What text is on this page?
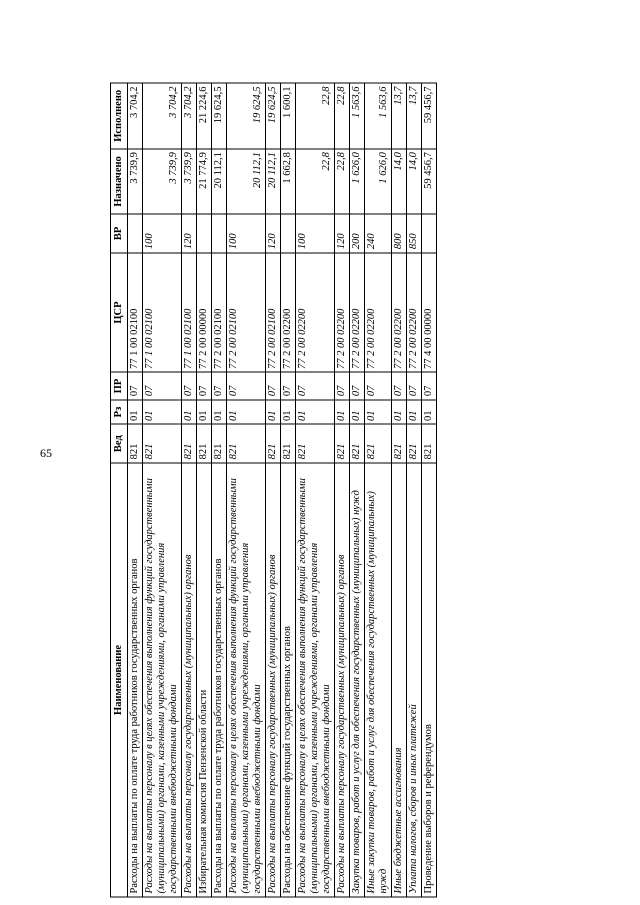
65
Наименование	Вед	Рз	ПР	ЦСР	ВР	Назначено	Исполнено
Расходы на выплаты по оплате труда работников государственных органов	821	01	07	77 1 00 02100		3 739,9	3 704,2
Расходы на выплаты персоналу в целях обеспечения выполнения функций государственными (муниципальными) органами, казенными учреждениями, органами управления государственными внебюджетными фондами	821	01	07	77 1 00 02100	100	3 739,9	3 704,2
Расходы на выплаты персоналу государственных (муниципальных) органов	821	01	07	77 1 00 02100	120	3 739,9	3 704,2
Избирательная комиссия Пензенской области	821	01	07	77 2 00 00000		21 774,9	21 224,6
Расходы на выплаты по оплате труда работников государственных органов	821	01	07	77 2 00 02100		20 112,1	19 624,5
Расходы на выплаты персоналу в целях обеспечения выполнения функций государственными (муниципальными) органами, казенными учреждениями, органами управления государственными внебюджетными фондами	821	01	07	77 2 00 02100	100	20 112,1	19 624,5
Расходы на выплаты персоналу государственных (муниципальных) органов	821	01	07	77 2 00 02100	120	20 112,1	19 624,5
Расходы на обеспечение функций государственных органов	821	01	07	77 2 00 02200		1 662,8	1 600,1
Расходы на выплаты персоналу в целях обеспечения выполнения функций государственными (муниципальными) органами, казенными учреждениями, органами управления государственными внебюджетными фондами	821	01	07	77 2 00 02200	100	22,8	22,8
Расходы на выплаты персоналу государственных (муниципальных) органов	821	01	07	77 2 00 02200	120	22,8	22,8
Закупка товаров, работ и услуг для обеспечения государственных (муниципальных) нужд	821	01	07	77 2 00 02200	200	1 626,0	1 563,6
Иные закупки товаров, работ и услуг для обеспечения государственных (муниципальных) нужд	821	01	07	77 2 00 02200	240	1 626,0	1 563,6
Иные бюджетные ассигнования	821	01	07	77 2 00 02200	800	14,0	13,7
Уплата налогов, сборов и иных платежей	821	01	07	77 2 00 02200	850	14,0	13,7
Проведение выборов и референдумов	821	01	07	77 4 00 00000		59 456,7	59 456,7
